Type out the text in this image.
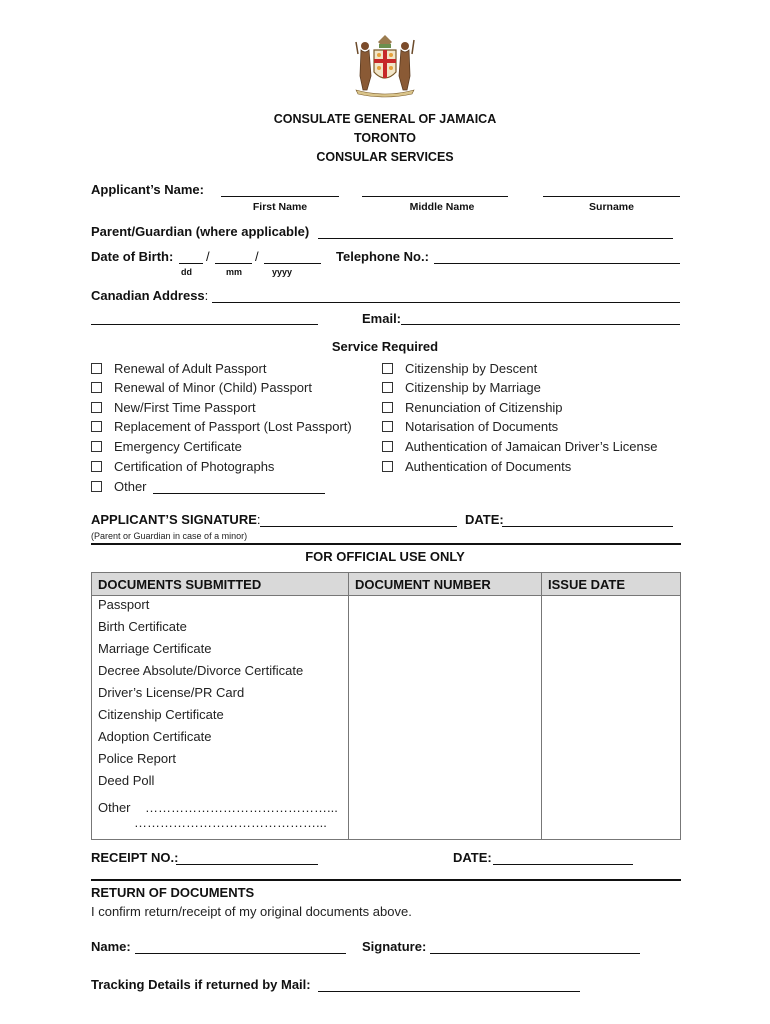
CONSULATE GENERAL OF JAMAICA
TORONTO
CONSULAR SERVICES
Applicant’s Name:
First Name	Middle Name	Surname
Parent/Guardian (where applicable)
Date of Birth:	/	/
dd	mm	yyyy
Telephone No.:
Canadian Address:
Email:
Service Required
Renewal of Adult Passport
Renewal of Minor (Child) Passport
New/First Time Passport
Replacement of Passport (Lost Passport)
Emergency Certificate
Certification of Photographs
Other
Citizenship by Descent
Citizenship by Marriage
Renunciation of Citizenship
Notarisation of Documents
Authentication of Jamaican Driver’s License
Authentication of Documents
APPLICANT’S SIGNATURE:	DATE:
(Parent or Guardian in case of a minor)
FOR OFFICIAL USE ONLY
DOCUMENTS SUBMITTED	DOCUMENT NUMBER	ISSUE DATE
Passport		
Birth Certificate		
Marriage Certificate		
Decree Absolute/Divorce Certificate		
Driver’s License/PR Card		
Citizenship Certificate		
Adoption Certificate		
Police Report		
Deed Poll		
Other ……………………………………...
……………………………………...		
RECEIPT NO.:	DATE:
RETURN OF DOCUMENTS
I confirm return/receipt of my original documents above.
Name:	Signature:
Tracking Details if returned by Mail:
